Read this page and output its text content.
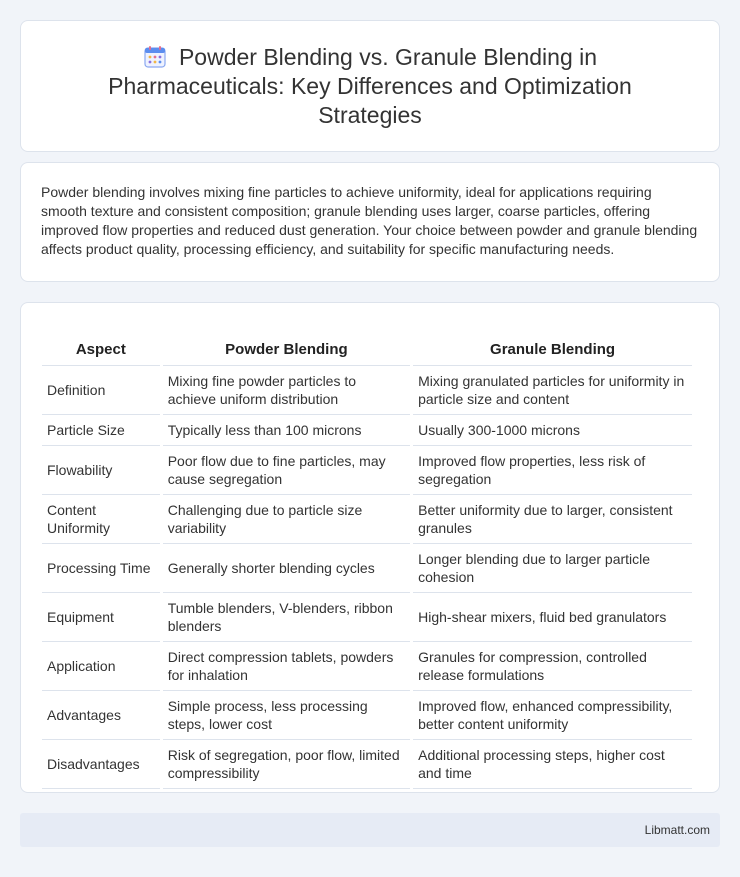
Powder Blending vs. Granule Blending in Pharmaceuticals: Key Differences and Optimization Strategies

Powder blending involves mixing fine particles to achieve uniformity, ideal for applications requiring smooth texture and consistent composition; granule blending uses larger, coarse particles, offering improved flow properties and reduced dust generation. Your choice between powder and granule blending affects product quality, processing efficiency, and suitability for specific manufacturing needs.

Aspect	Powder Blending	Granule Blending
Definition	Mixing fine powder particles to achieve uniform distribution	Mixing granulated particles for uniformity in particle size and content
Particle Size	Typically less than 100 microns	Usually 300-1000 microns
Flowability	Poor flow due to fine particles, may cause segregation	Improved flow properties, less risk of segregation
Content Uniformity	Challenging due to particle size variability	Better uniformity due to larger, consistent granules
Processing Time	Generally shorter blending cycles	Longer blending due to larger particle cohesion
Equipment	Tumble blenders, V-blenders, ribbon blenders	High-shear mixers, fluid bed granulators
Application	Direct compression tablets, powders for inhalation	Granules for compression, controlled release formulations
Advantages	Simple process, less processing steps, lower cost	Improved flow, enhanced compressibility, better content uniformity
Disadvantages	Risk of segregation, poor flow, limited compressibility	Additional processing steps, higher cost and time
Libmatt.com
